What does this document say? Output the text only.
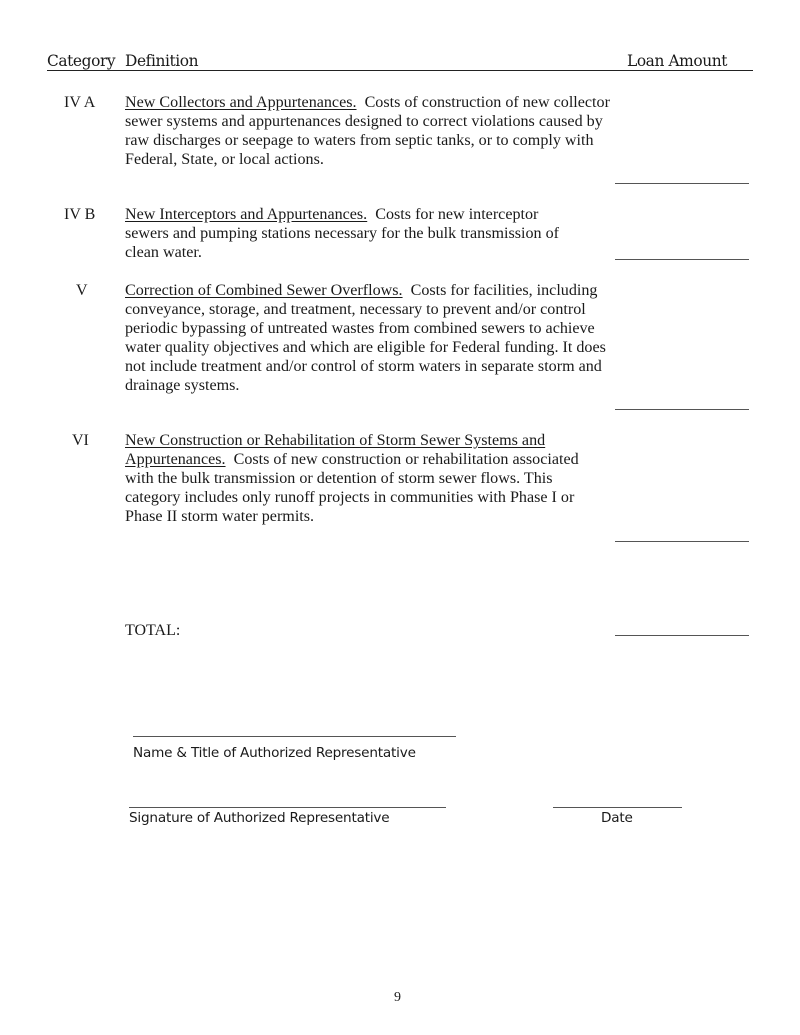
Category Definition	Loan Amount
IV A New Collectors and Appurtenances. Costs of construction of new collector sewer systems and appurtenances designed to correct violations caused by raw discharges or seepage to waters from septic tanks, or to comply with Federal, State, or local actions.
IV B New Interceptors and Appurtenances. Costs for new interceptor sewers and pumping stations necessary for the bulk transmission of clean water.
V Correction of Combined Sewer Overflows. Costs for facilities, including conveyance, storage, and treatment, necessary to prevent and/or control periodic bypassing of untreated wastes from combined sewers to achieve water quality objectives and which are eligible for Federal funding. It does not include treatment and/or control of storm waters in separate storm and drainage systems.
VI New Construction or Rehabilitation of Storm Sewer Systems and Appurtenances. Costs of new construction or rehabilitation associated with the bulk transmission or detention of storm sewer flows. This category includes only runoff projects in communities with Phase I or Phase II storm water permits.
TOTAL:
Name & Title of Authorized Representative
Signature of Authorized Representative	Date
9
